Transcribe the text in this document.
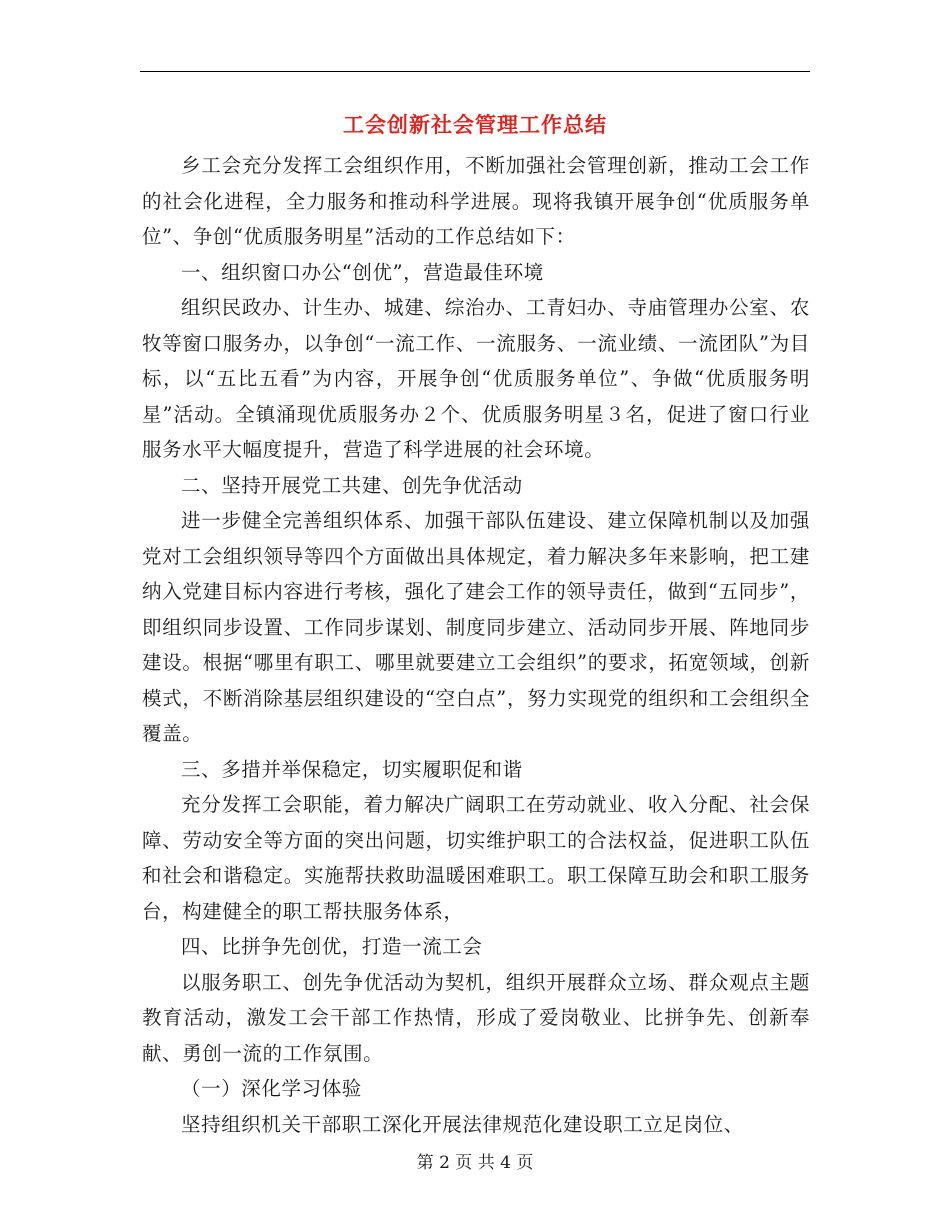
工会创新社会管理工作总结

乡工会充分发挥工会组织作用，不断加强社会管理创新，推动工会工作的社会化进程，全力服务和推动科学进展。现将我镇开展争创“优质服务单位”、争创“优质服务明星”活动的工作总结如下：

一、组织窗口办公“创优”，营造最佳环境

组织民政办、计生办、城建、综治办、工青妇办、寺庙管理办公室、农牧等窗口服务办，以争创“一流工作、一流服务、一流业绩、一流团队”为目标，以“五比五看”为内容，开展争创“优质服务单位”、争做“优质服务明星”活动。全镇涌现优质服务办２个、优质服务明星３名，促进了窗口行业服务水平大幅度提升，营造了科学进展的社会环境。

二、坚持开展党工共建、创先争优活动

进一步健全完善组织体系、加强干部队伍建设、建立保障机制以及加强党对工会组织领导等四个方面做出具体规定，着力解决多年来影响，把工建纳入党建目标内容进行考核，强化了建会工作的领导责任，做到“五同步”，即组织同步设置、工作同步谋划、制度同步建立、活动同步开展、阵地同步建设。根据“哪里有职工、哪里就要建立工会组织”的要求，拓宽领域，创新模式，不断消除基层组织建设的“空白点”，努力实现党的组织和工会组织全覆盖。

三、多措并举保稳定，切实履职促和谐

充分发挥工会职能，着力解决广阔职工在劳动就业、收入分配、社会保障、劳动安全等方面的突出问题，切实维护职工的合法权益，促进职工队伍和社会和谐稳定。实施帮扶救助温暖困难职工。职工保障互助会和职工服务台，构建健全的职工帮扶服务体系，

四、比拼争先创优，打造一流工会

以服务职工、创先争优活动为契机，组织开展群众立场、群众观点主题教育活动，激发工会干部工作热情，形成了爱岗敬业、比拼争先、创新奉献、勇创一流的工作氛围。

（一）深化学习体验

坚持组织机关干部职工深化开展法律规范化建设职工立足岗位、

第 2 页 共 4 页
